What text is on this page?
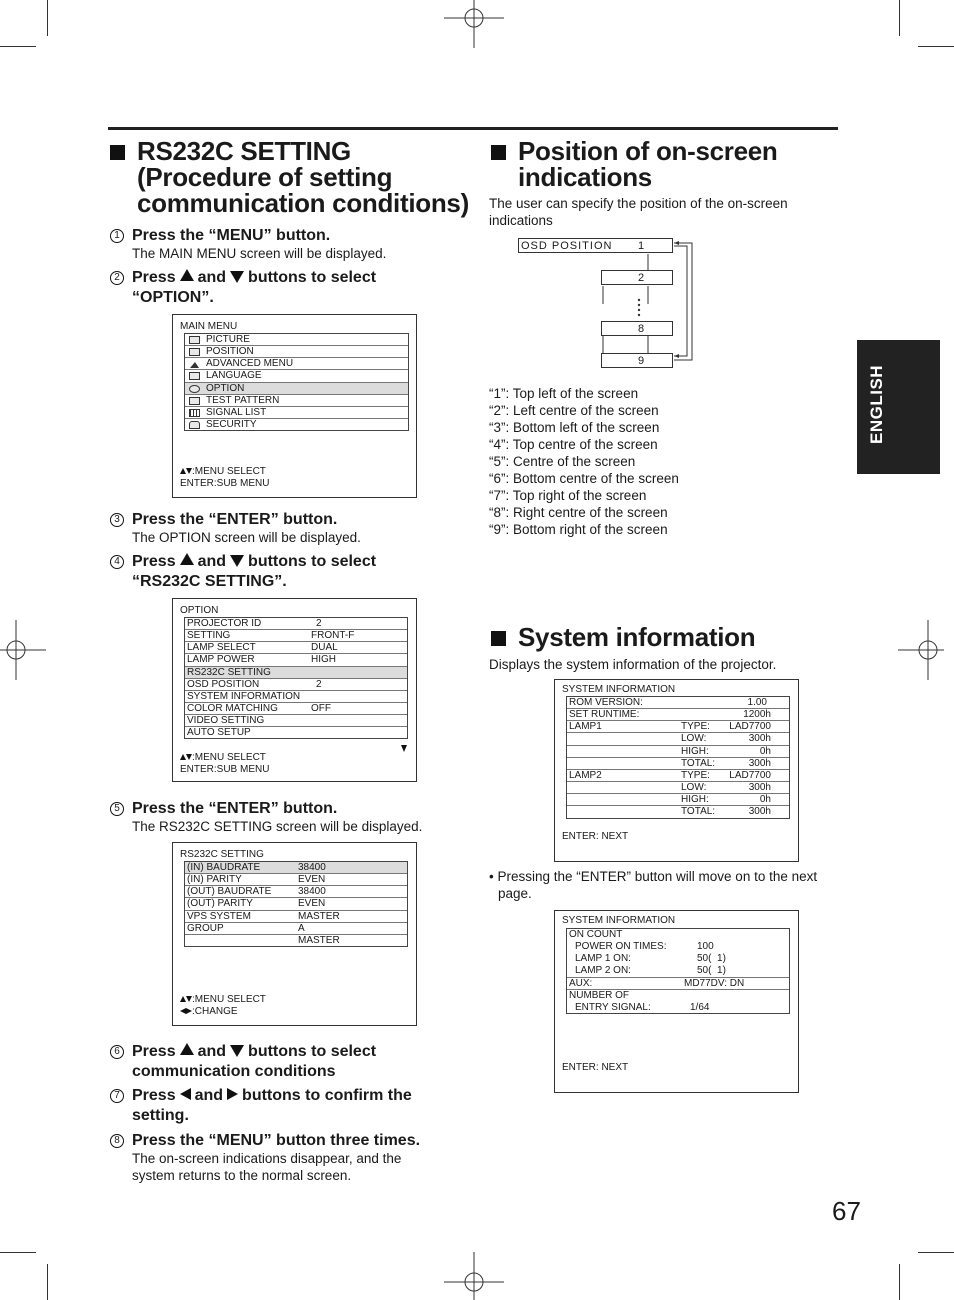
RS232C SETTING
(Procedure of setting
communication conditions)
1 Press the “MENU” button.
The MAIN MENU screen will be displayed.
2 Press and buttons to select
“OPTION”.
MAIN MENU
PICTURE
POSITION
ADVANCED MENU
LANGUAGE
OPTION
TEST PATTERN
SIGNAL LIST
SECURITY
:MENU SELECT
ENTER:SUB MENU
3 Press the “ENTER” button.
The OPTION screen will be displayed.
4 Press and buttons to select
“RS232C SETTING”.
OPTION
PROJECTOR ID	2
SETTING	FRONT-F
LAMP SELECT	DUAL
LAMP POWER	HIGH
RS232C SETTING
OSD POSITION	2
SYSTEM INFORMATION
COLOR MATCHING	OFF
VIDEO SETTING
AUTO SETUP
:MENU SELECT
ENTER:SUB MENU
5 Press the “ENTER” button.
The RS232C SETTING screen will be displayed.
RS232C SETTING
(IN) BAUDRATE	38400
(IN) PARITY	EVEN
(OUT) BAUDRATE	38400
(OUT) PARITY	EVEN
VPS SYSTEM	MASTER
GROUP	A
MASTER
:MENU SELECT
:CHANGE
6 Press and buttons to select
communication conditions
7 Press and buttons to confirm the
setting.
8 Press the “MENU” button three times.
The on-screen indications disappear, and the
system returns to the normal screen.
Position of on-screen
indications
The user can specify the position of the on-screen
indications
OSD POSITION 1
2
8
9
“1”: Top left of the screen
“2”: Left centre of the screen
“3”: Bottom left of the screen
“4”: Top centre of the screen
“5”: Centre of the screen
“6”: Bottom centre of the screen
“7”: Top right of the screen
“8”: Right centre of the screen
“9”: Bottom right of the screen
System information
Displays the system information of the projector.
SYSTEM INFORMATION
ROM VERSION:	1.00
SET RUNTIME:	1200h
LAMP1	TYPE: LAD7700
LOW:	300h
HIGH:	0h
TOTAL:	300h
LAMP2	TYPE: LAD7700
LOW:	300h
HIGH:	0h
TOTAL:	300h
ENTER: NEXT
• Pressing the “ENTER” button will move on to the next
page.
SYSTEM INFORMATION
ON COUNT
POWER ON TIMES:	100
LAMP 1 ON:	50(  1)
LAMP 2 ON:	50(  1)
AUX:	MD77DV: DN
NUMBER OF
ENTRY SIGNAL:	1/64
ENTER: NEXT
ENGLISH
67
